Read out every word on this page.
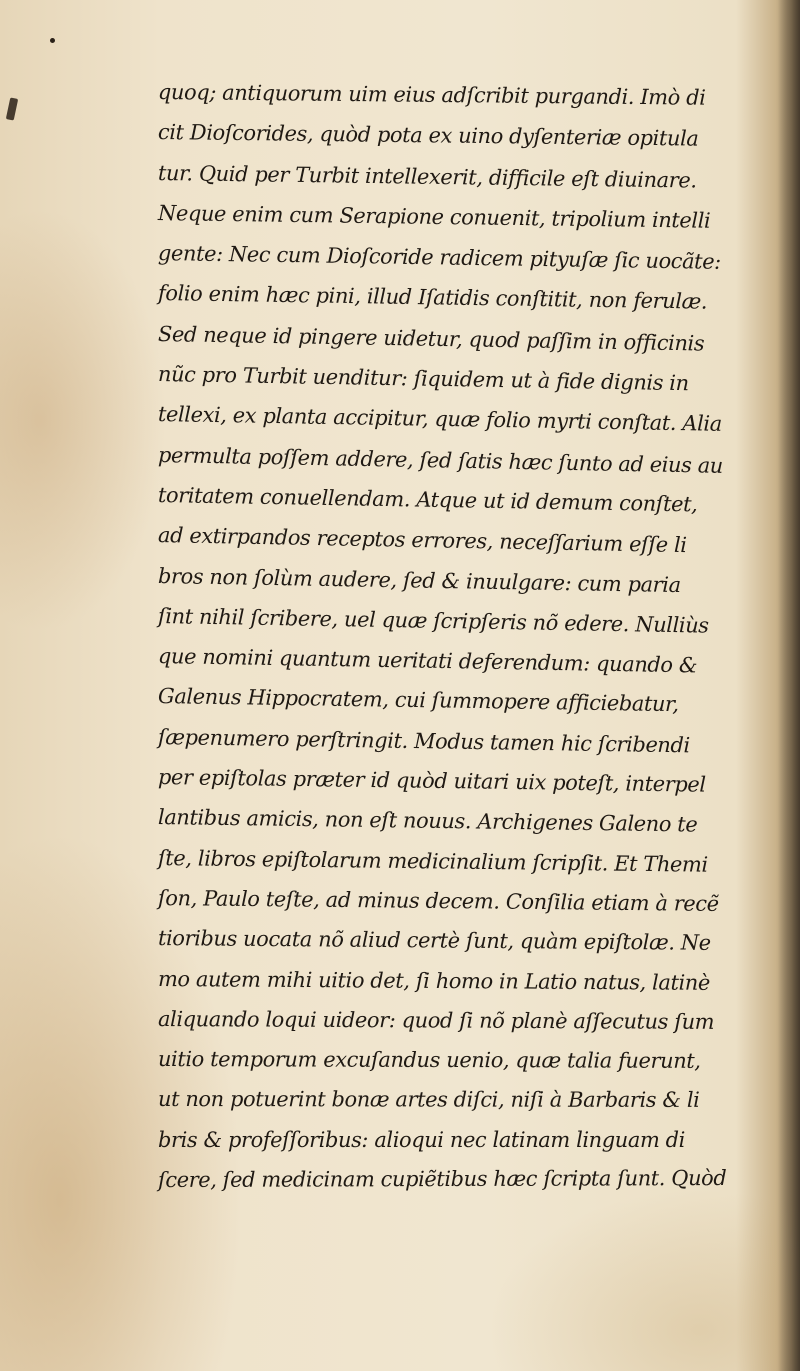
quoq; antiquorum uim eius adſcribit purgandi. Imò di
cit Dioſcorides, quòd pota ex uino dyſenteriæ opitula
tur. Quid per Turbit intellexerit, difficile eſt diuinare.
Neque enim cum Serapione conuenit, tripolium intelli
gente: Nec cum Dioſcoride radicem pityuſæ ſic uocãte:
folio enim hæc pini, illud Iſatidis conſtitit, non ferulæ.
Sed neque id pingere uidetur, quod paſſim in officinis
nũc pro Turbit uenditur: ſiquidem ut à fide dignis in
tellexi, ex planta accipitur, quæ folio myrti conſtat. Alia
permulta poſſem addere, ſed ſatis hæc ſunto ad eius au
toritatem conuellendam. Atque ut id demum conſtet,
ad extirpandos receptos errores, neceſſarium eſſe li
bros non ſolùm audere, ſed & inuulgare: cum paria
ſint nihil ſcribere, uel quæ ſcripſeris nõ edere. Nulliùs
que nomini quantum ueritati deferendum: quando &
Galenus Hippocratem, cui ſummopere afficiebatur,
ſæpenumero perſtringit. Modus tamen hic ſcribendi
per epiſtolas præter id quòd uitari uix poteſt, interpel
lantibus amicis, non eſt nouus. Archigenes Galeno te
ſte, libros epiſtolarum medicinalium ſcripſit. Et Themi
ſon, Paulo teſte, ad minus decem. Conſilia etiam à recẽ
tioribus uocata nõ aliud certè ſunt, quàm epiſtolæ. Ne
mo autem mihi uitio det, ſi homo in Latio natus, latinè
aliquando loqui uideor: quod ſi nõ planè aſſecutus ſum
uitio temporum excuſandus uenio, quæ talia fuerunt,
ut non potuerint bonæ artes diſci, niſi à Barbaris & li
bris & profeſſoribus: alioqui nec latinam linguam di
ſcere, ſed medicinam cupiẽtibus hæc ſcripta ſunt. Quòd
